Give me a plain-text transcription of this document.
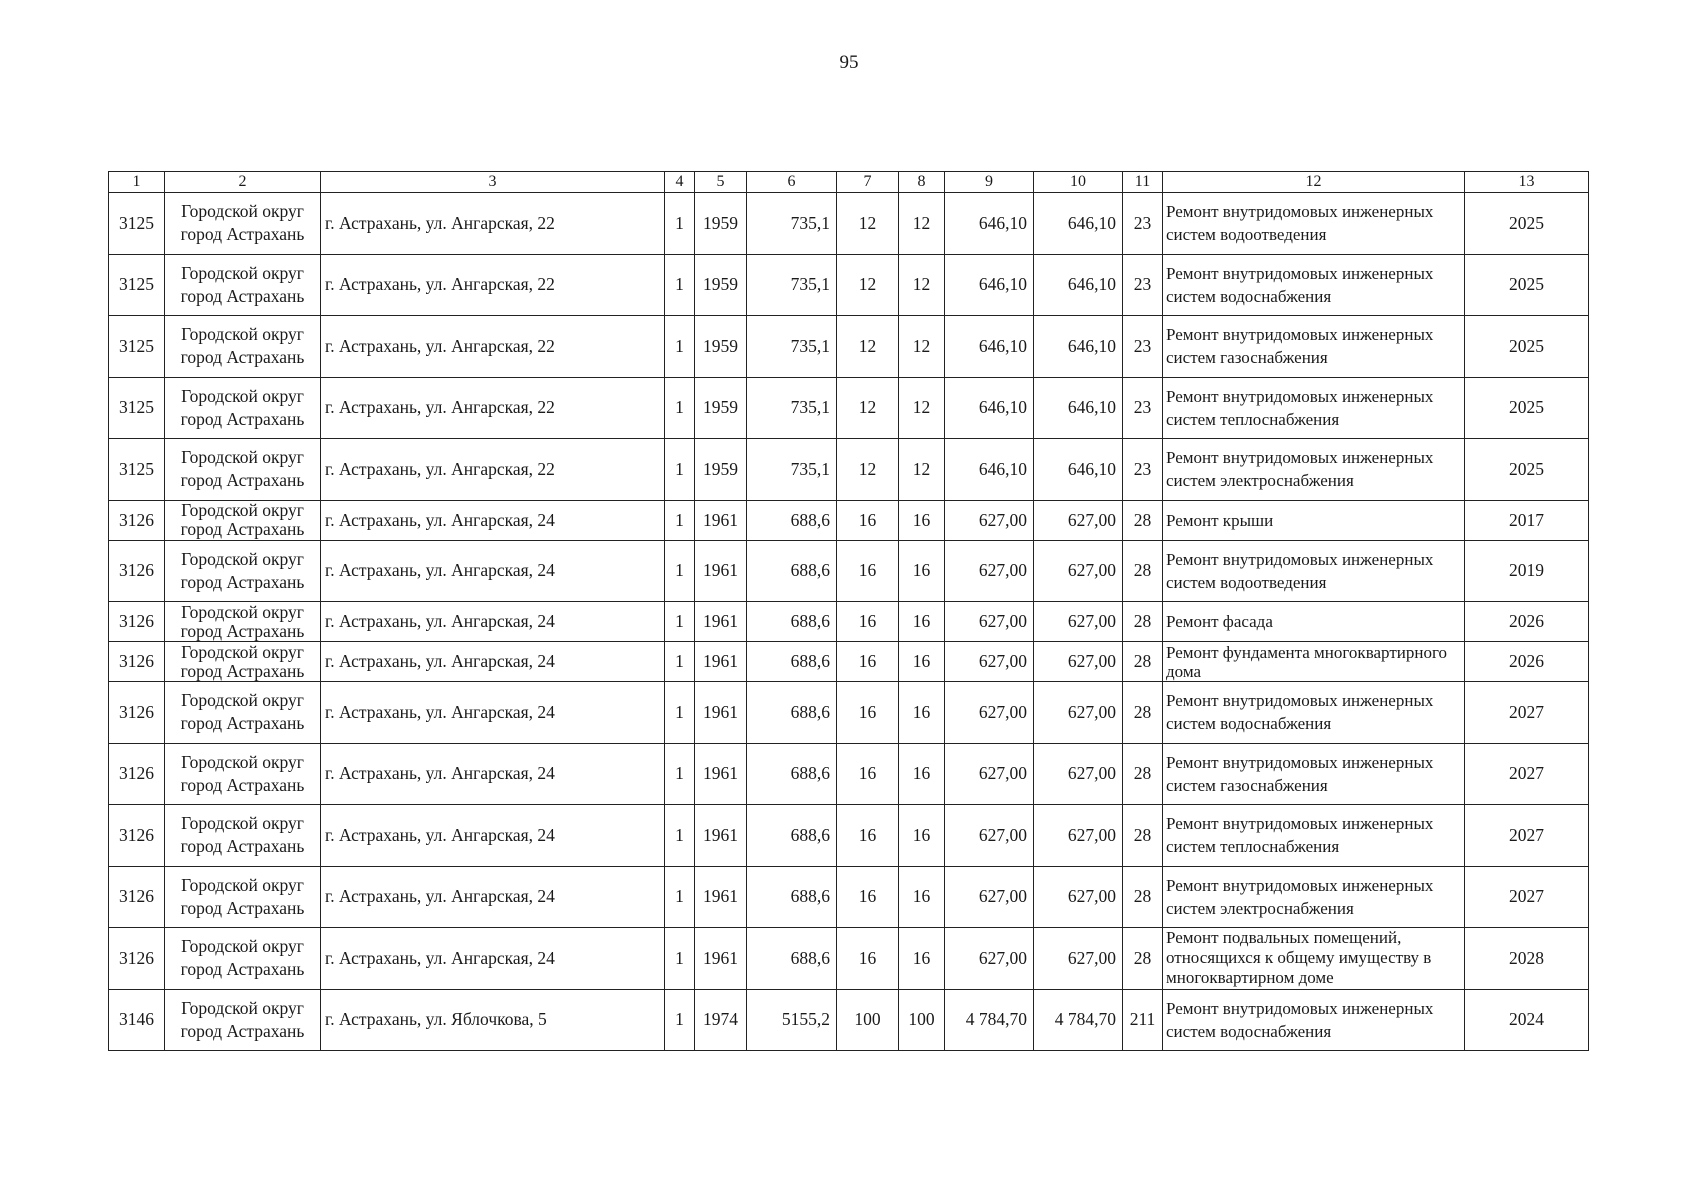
95
1	2	3	4	5	6	7	8	9	10	11	12	13
3125	Городской округ город Астрахань	г. Астрахань, ул. Ангарская, 22	1	1959	735,1	12	12	646,10	646,10	23	Ремонт внутридомовых инженерных систем водоотведения	2025
3125	Городской округ город Астрахань	г. Астрахань, ул. Ангарская, 22	1	1959	735,1	12	12	646,10	646,10	23	Ремонт внутридомовых инженерных систем водоснабжения	2025
3125	Городской округ город Астрахань	г. Астрахань, ул. Ангарская, 22	1	1959	735,1	12	12	646,10	646,10	23	Ремонт внутридомовых инженерных систем газоснабжения	2025
3125	Городской округ город Астрахань	г. Астрахань, ул. Ангарская, 22	1	1959	735,1	12	12	646,10	646,10	23	Ремонт внутридомовых инженерных систем теплоснабжения	2025
3125	Городской округ город Астрахань	г. Астрахань, ул. Ангарская, 22	1	1959	735,1	12	12	646,10	646,10	23	Ремонт внутридомовых инженерных систем электроснабжения	2025
3126	Городской округ город Астрахань	г. Астрахань, ул. Ангарская, 24	1	1961	688,6	16	16	627,00	627,00	28	Ремонт крыши	2017
3126	Городской округ город Астрахань	г. Астрахань, ул. Ангарская, 24	1	1961	688,6	16	16	627,00	627,00	28	Ремонт внутридомовых инженерных систем водоотведения	2019
3126	Городской округ город Астрахань	г. Астрахань, ул. Ангарская, 24	1	1961	688,6	16	16	627,00	627,00	28	Ремонт фасада	2026
3126	Городской округ город Астрахань	г. Астрахань, ул. Ангарская, 24	1	1961	688,6	16	16	627,00	627,00	28	Ремонт фундамента многоквартирного дома	2026
3126	Городской округ город Астрахань	г. Астрахань, ул. Ангарская, 24	1	1961	688,6	16	16	627,00	627,00	28	Ремонт внутридомовых инженерных систем водоснабжения	2027
3126	Городской округ город Астрахань	г. Астрахань, ул. Ангарская, 24	1	1961	688,6	16	16	627,00	627,00	28	Ремонт внутридомовых инженерных систем газоснабжения	2027
3126	Городской округ город Астрахань	г. Астрахань, ул. Ангарская, 24	1	1961	688,6	16	16	627,00	627,00	28	Ремонт внутридомовых инженерных систем теплоснабжения	2027
3126	Городской округ город Астрахань	г. Астрахань, ул. Ангарская, 24	1	1961	688,6	16	16	627,00	627,00	28	Ремонт внутридомовых инженерных систем электроснабжения	2027
3126	Городской округ город Астрахань	г. Астрахань, ул. Ангарская, 24	1	1961	688,6	16	16	627,00	627,00	28	Ремонт подвальных помещений, относящихся к общему имуществу в многоквартирном доме	2028
3146	Городской округ город Астрахань	г. Астрахань, ул. Яблочкова, 5	1	1974	5155,2	100	100	4 784,70	4 784,70	211	Ремонт внутридомовых инженерных систем водоснабжения	2024
